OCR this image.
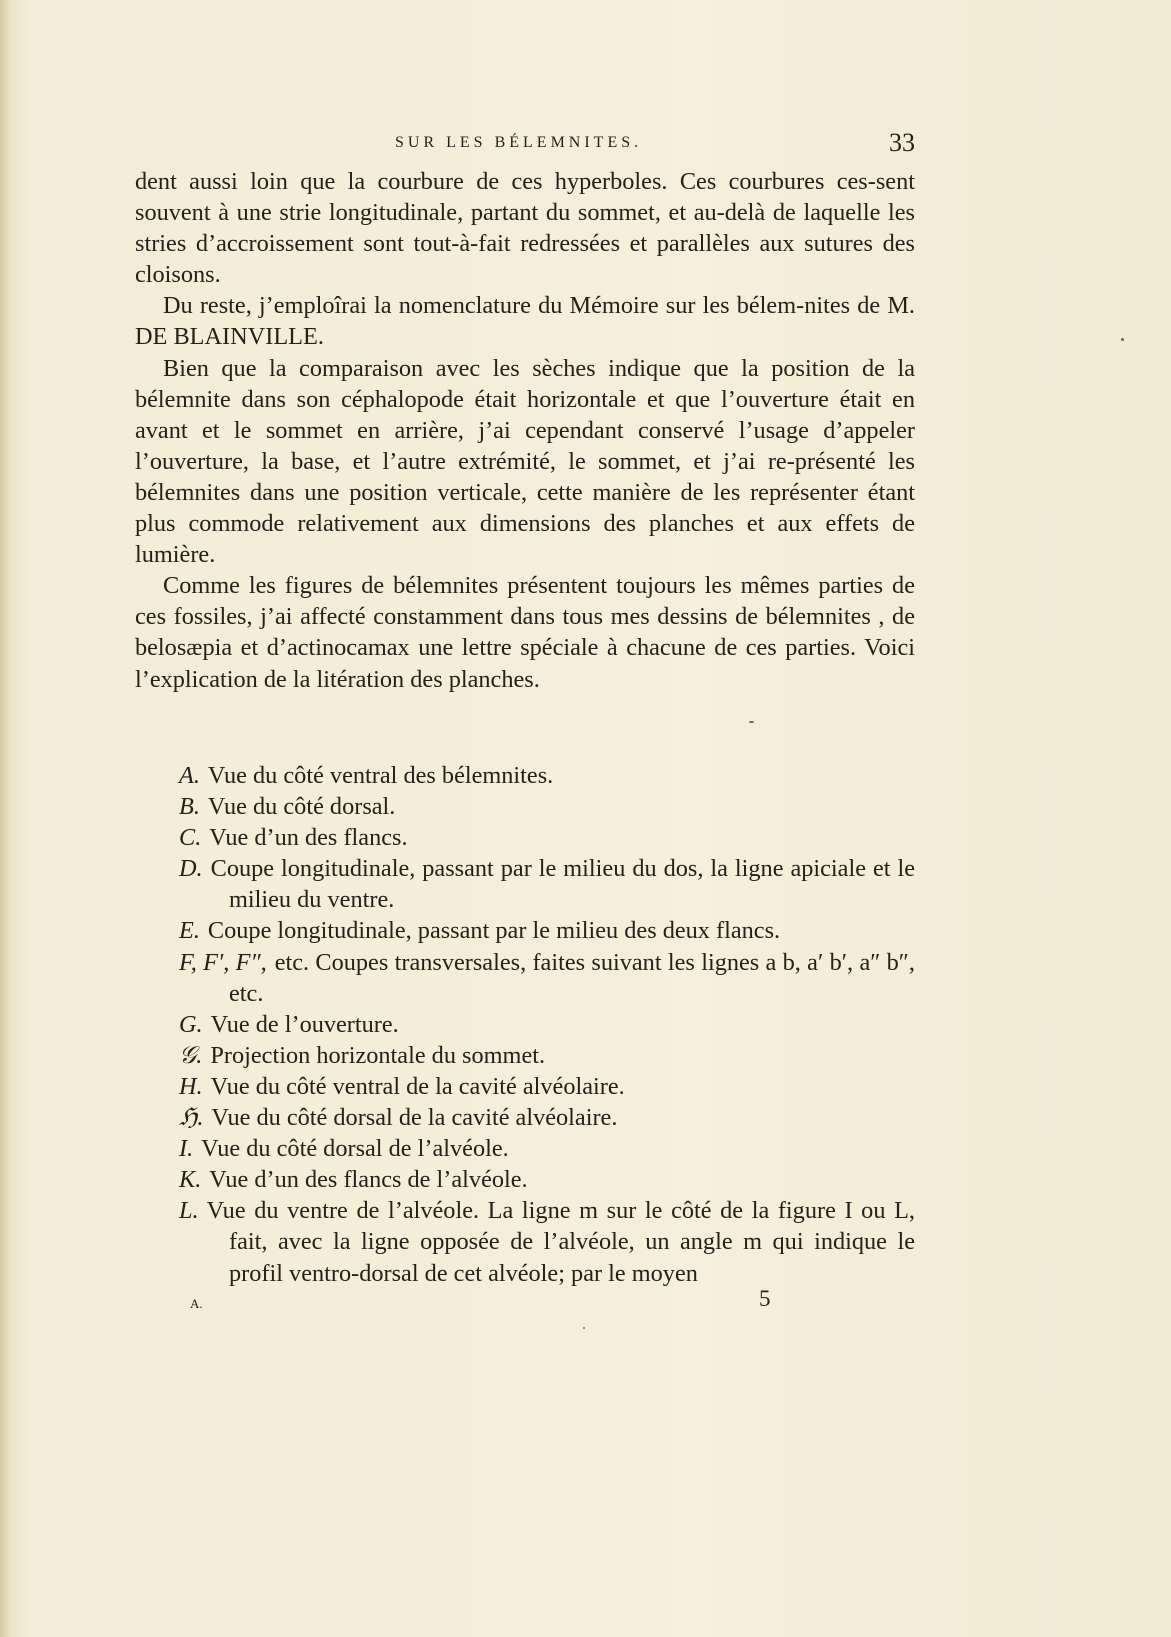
SUR LES BÉLEMNITES.	33

dent aussi loin que la courbure de ces hyperboles. Ces courbures ces-sent souvent à une strie longitudinale, partant du sommet, et au-delà de laquelle les stries d’accroissement sont tout-à-fait redressées et parallèles aux sutures des cloisons.

Du reste, j’emploîrai la nomenclature du Mémoire sur les bélem-nites de M. DE BLAINVILLE.

Bien que la comparaison avec les sèches indique que la position de la bélemnite dans son céphalopode était horizontale et que l’ouverture était en avant et le sommet en arrière, j’ai cependant conservé l’usage d’appeler l’ouverture, la base, et l’autre extrémité, le sommet, et j’ai re-présenté les bélemnites dans une position verticale, cette manière de les représenter étant plus commode relativement aux dimensions des planches et aux effets de lumière.

Comme les figures de bélemnites présentent toujours les mêmes parties de ces fossiles, j’ai affecté constamment dans tous mes dessins de bélemnites , de belosæpia et d’actinocamax une lettre spéciale à chacune de ces parties. Voici l’explication de la litération des planches.

A. Vue du côté ventral des bélemnites.
B. Vue du côté dorsal.
C. Vue d’un des flancs.
D. Coupe longitudinale, passant par le milieu du dos, la ligne apiciale et le milieu du ventre.
E. Coupe longitudinale, passant par le milieu des deux flancs.
F, F′, F″, etc. Coupes transversales, faites suivant les lignes a b, a′ b′, a″ b″, etc.
G. Vue de l’ouverture.
𝒢. Projection horizontale du sommet.
H. Vue du côté ventral de la cavité alvéolaire.
ℌ. Vue du côté dorsal de la cavité alvéolaire.
I. Vue du côté dorsal de l’alvéole.
K. Vue d’un des flancs de l’alvéole.
L. Vue du ventre de l’alvéole. La ligne m sur le côté de la figure I ou L, fait, avec la ligne opposée de l’alvéole, un angle m qui indique le profil ventro-dorsal de cet alvéole; par le moyen
A.	5
